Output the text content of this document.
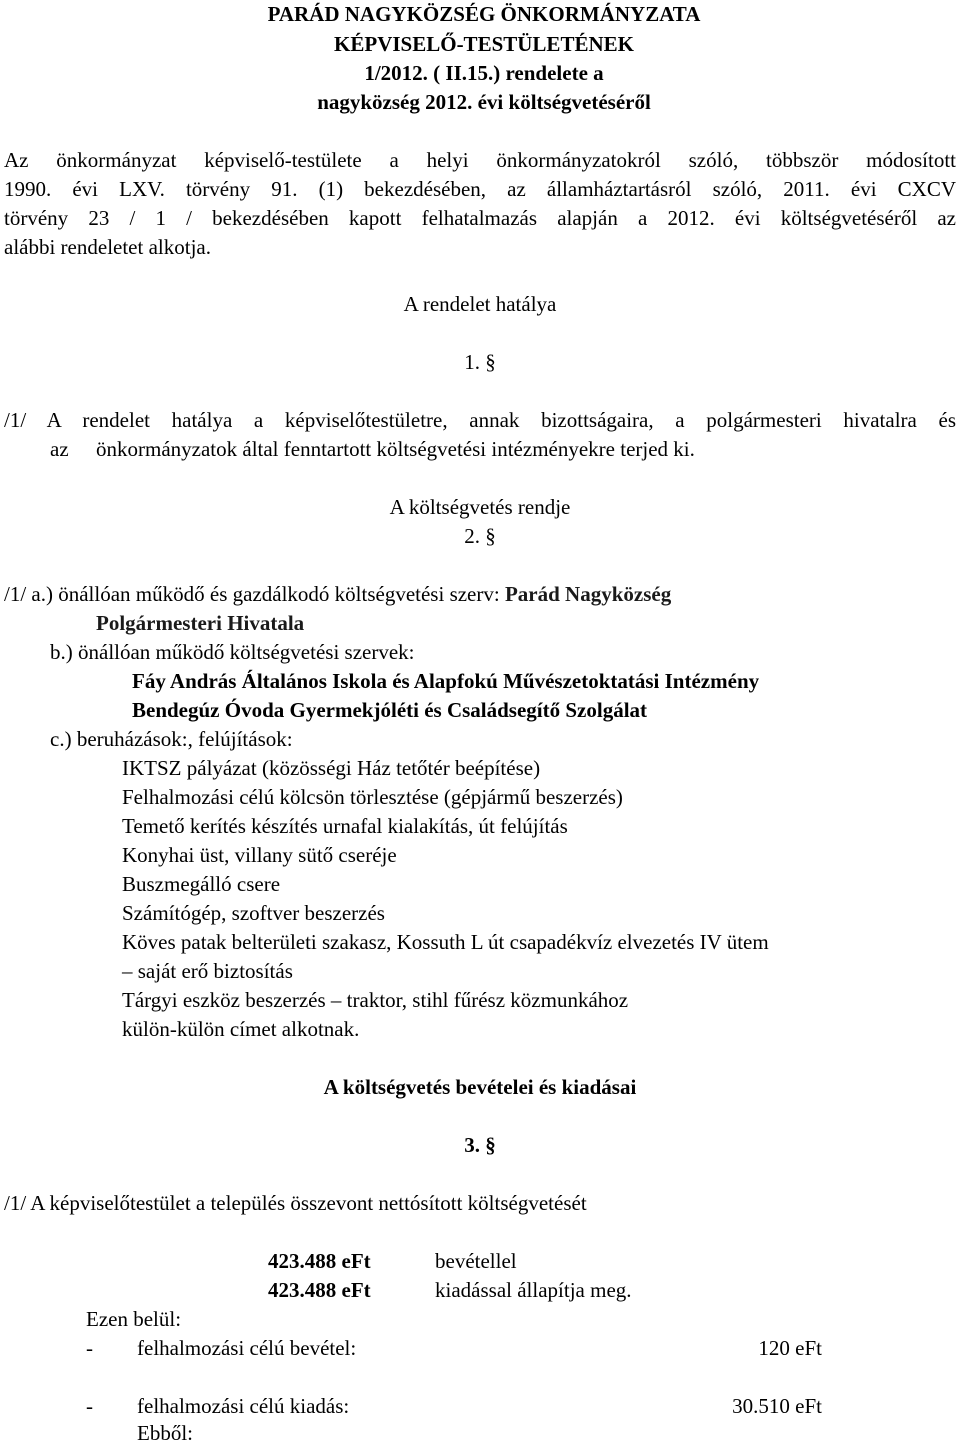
PARÁD NAGYKÖZSÉG ÖNKORMÁNYZATA
KÉPVISELŐ-TESTÜLETÉNEK
1/2012. ( II.15.) rendelete a
nagyközség 2012. évi költségvetéséről
Az önkormányzat képviselő-testülete a helyi önkormányzatokról szóló, többször módosított
1990. évi LXV. törvény 91. (1) bekezdésében, az államháztartásról szóló, 2011. évi CXCV
törvény 23 / 1 / bekezdésében kapott felhatalmazás alapján a 2012. évi költségvetéséről az
alábbi rendeletet alkotja.
A rendelet hatálya
1. §
/1/ A rendelet hatálya a képviselőtestületre, annak bizottságaira, a polgármesteri hivatalra és
az önkormányzatok által fenntartott költségvetési intézményekre terjed ki.
A költségvetés rendje
2. §
/1/ a.) önállóan működő és gazdálkodó költségvetési szerv: Parád Nagyközség
Polgármesteri Hivatala
b.) önállóan működő költségvetési szervek:
Fáy András Általános Iskola és Alapfokú Művészetoktatási Intézmény
Bendegúz Óvoda Gyermekjóléti és Családsegítő Szolgálat
c.) beruházások:, felújítások:
IKTSZ pályázat (közösségi Ház tetőtér beépítése)
Felhalmozási célú kölcsön törlesztése (gépjármű beszerzés)
Temető kerítés készítés urnafal kialakítás, út felújítás
Konyhai üst, villany sütő cseréje
Buszmegálló csere
Számítógép, szoftver beszerzés
Köves patak belterületi szakasz, Kossuth L út csapadékvíz elvezetés IV ütem
– saját erő biztosítás
Tárgyi eszköz beszerzés – traktor, stihl fűrész közmunkához
külön-külön címet alkotnak.
A költségvetés bevételei és kiadásai
3. §
/1/ A képviselőtestület a település összevont nettósított költségvetését
423.488 eFt	bevétellel
423.488 eFt	kiadással állapítja meg.
Ezen belül:
- felhalmozási célú bevétel:	120 eFt
- felhalmozási célú kiadás:	30.510 eFt
Ebből:
